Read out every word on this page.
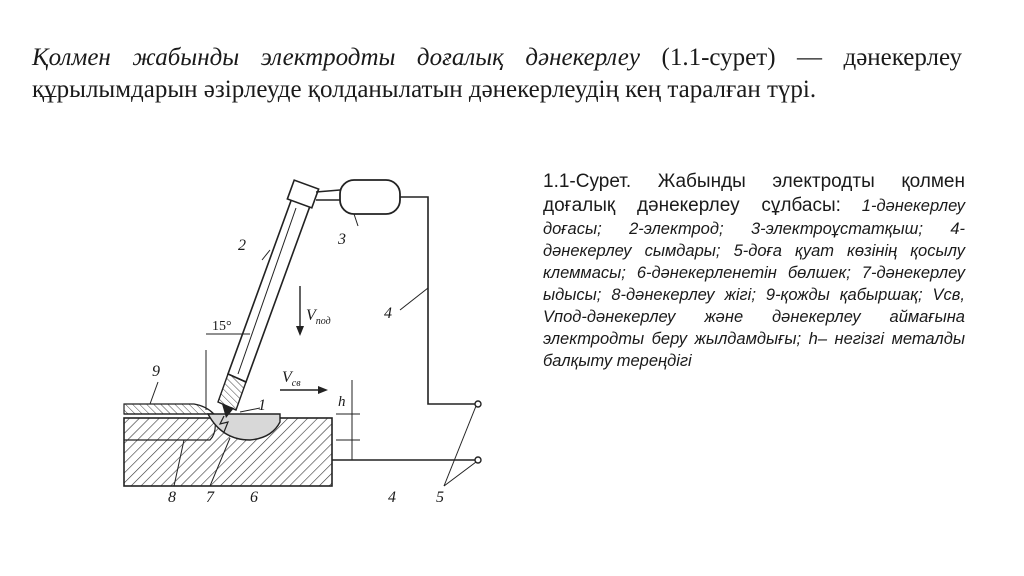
Қолмен жабынды электродты доғалық дәнекерлеу (1.1-сурет) — дәнекерлеу құрылымдарын әзірлеуде қолданылатын дәнекерлеудің кең таралған түрі.
9
2	3
4
1
15°
$V_{под}$
$V_{св}$
h
8 7 6	4	5
1.1-Сурет. Жабынды электродты қолмен доғалық дәнекерлеу сұлбасы: 1-дәнекерлеу доғасы; 2-электрод; 3-электроұстатқыш; 4-дәнекерлеу сымдары; 5-доға қуат көзінің қосылу клеммасы; 6-дәнекерленетін бөлшек; 7-дәнекерлеу ыдысы; 8-дәнекерлеу жігі; 9-қожды қабыршақ; Vсв, Vпод-дәнекерлеу және дәнекерлеу аймағына электродты беру жылдамдығы; h– негізгі металды балқыту тереңдігі
